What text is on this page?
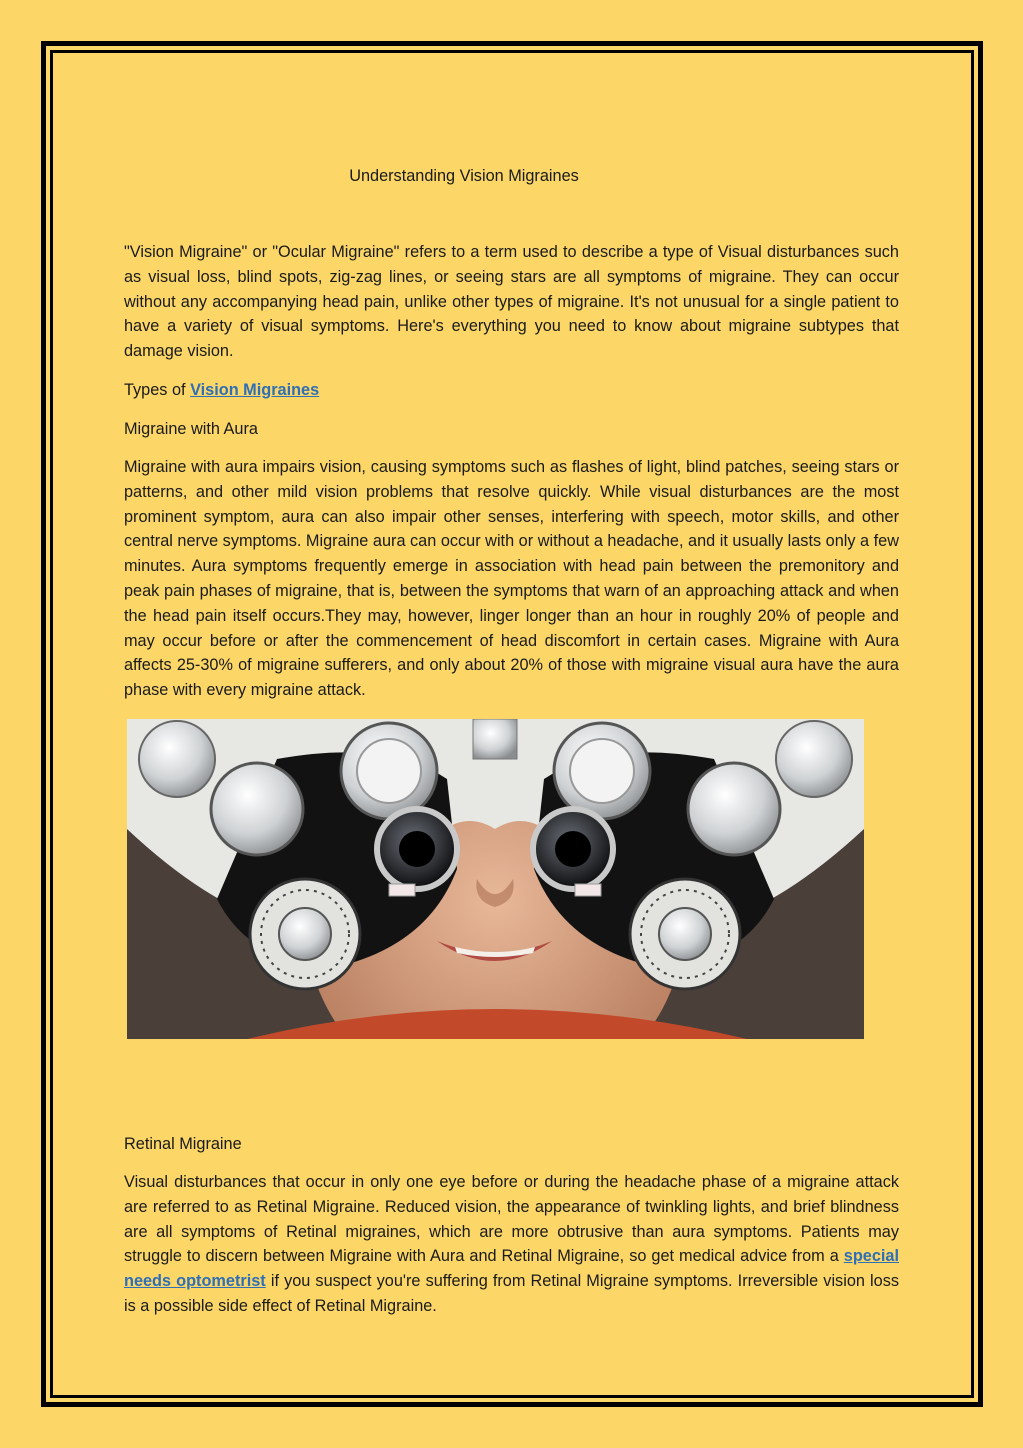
Understanding Vision Migraines

"Vision Migraine" or "Ocular Migraine" refers to a term used to describe a type of Visual disturbances such as visual loss, blind spots, zig-zag lines, or seeing stars are all symptoms of migraine. They can occur without any accompanying head pain, unlike other types of migraine. It's not unusual for a single patient to have a variety of visual symptoms. Here's everything you need to know about migraine subtypes that damage vision.

Types of Vision Migraines
Migraine with Aura

Migraine with aura impairs vision, causing symptoms such as flashes of light, blind patches, seeing stars or patterns, and other mild vision problems that resolve quickly. While visual disturbances are the most prominent symptom, aura can also impair other senses, interfering with speech, motor skills, and other central nerve symptoms. Migraine aura can occur with or without a headache, and it usually lasts only a few minutes. Aura symptoms frequently emerge in association with head pain between the premonitory and peak pain phases of migraine, that is, between the symptoms that warn of an approaching attack and when the head pain itself occurs.They may, however, linger longer than an hour in roughly 20% of people and may occur before or after the commencement of head discomfort in certain cases. Migraine with Aura affects 25-30% of migraine sufferers, and only about 20% of those with migraine visual aura have the aura phase with every migraine attack.

Retinal Migraine

Visual disturbances that occur in only one eye before or during the headache phase of a migraine attack are referred to as Retinal Migraine. Reduced vision, the appearance of twinkling lights, and brief blindness are all symptoms of Retinal migraines, which are more obtrusive than aura symptoms. Patients may struggle to discern between Migraine with Aura and Retinal Migraine, so get medical advice from a special needs optometrist if you suspect you're suffering from Retinal Migraine symptoms. Irreversible vision loss is a possible side effect of Retinal Migraine.
